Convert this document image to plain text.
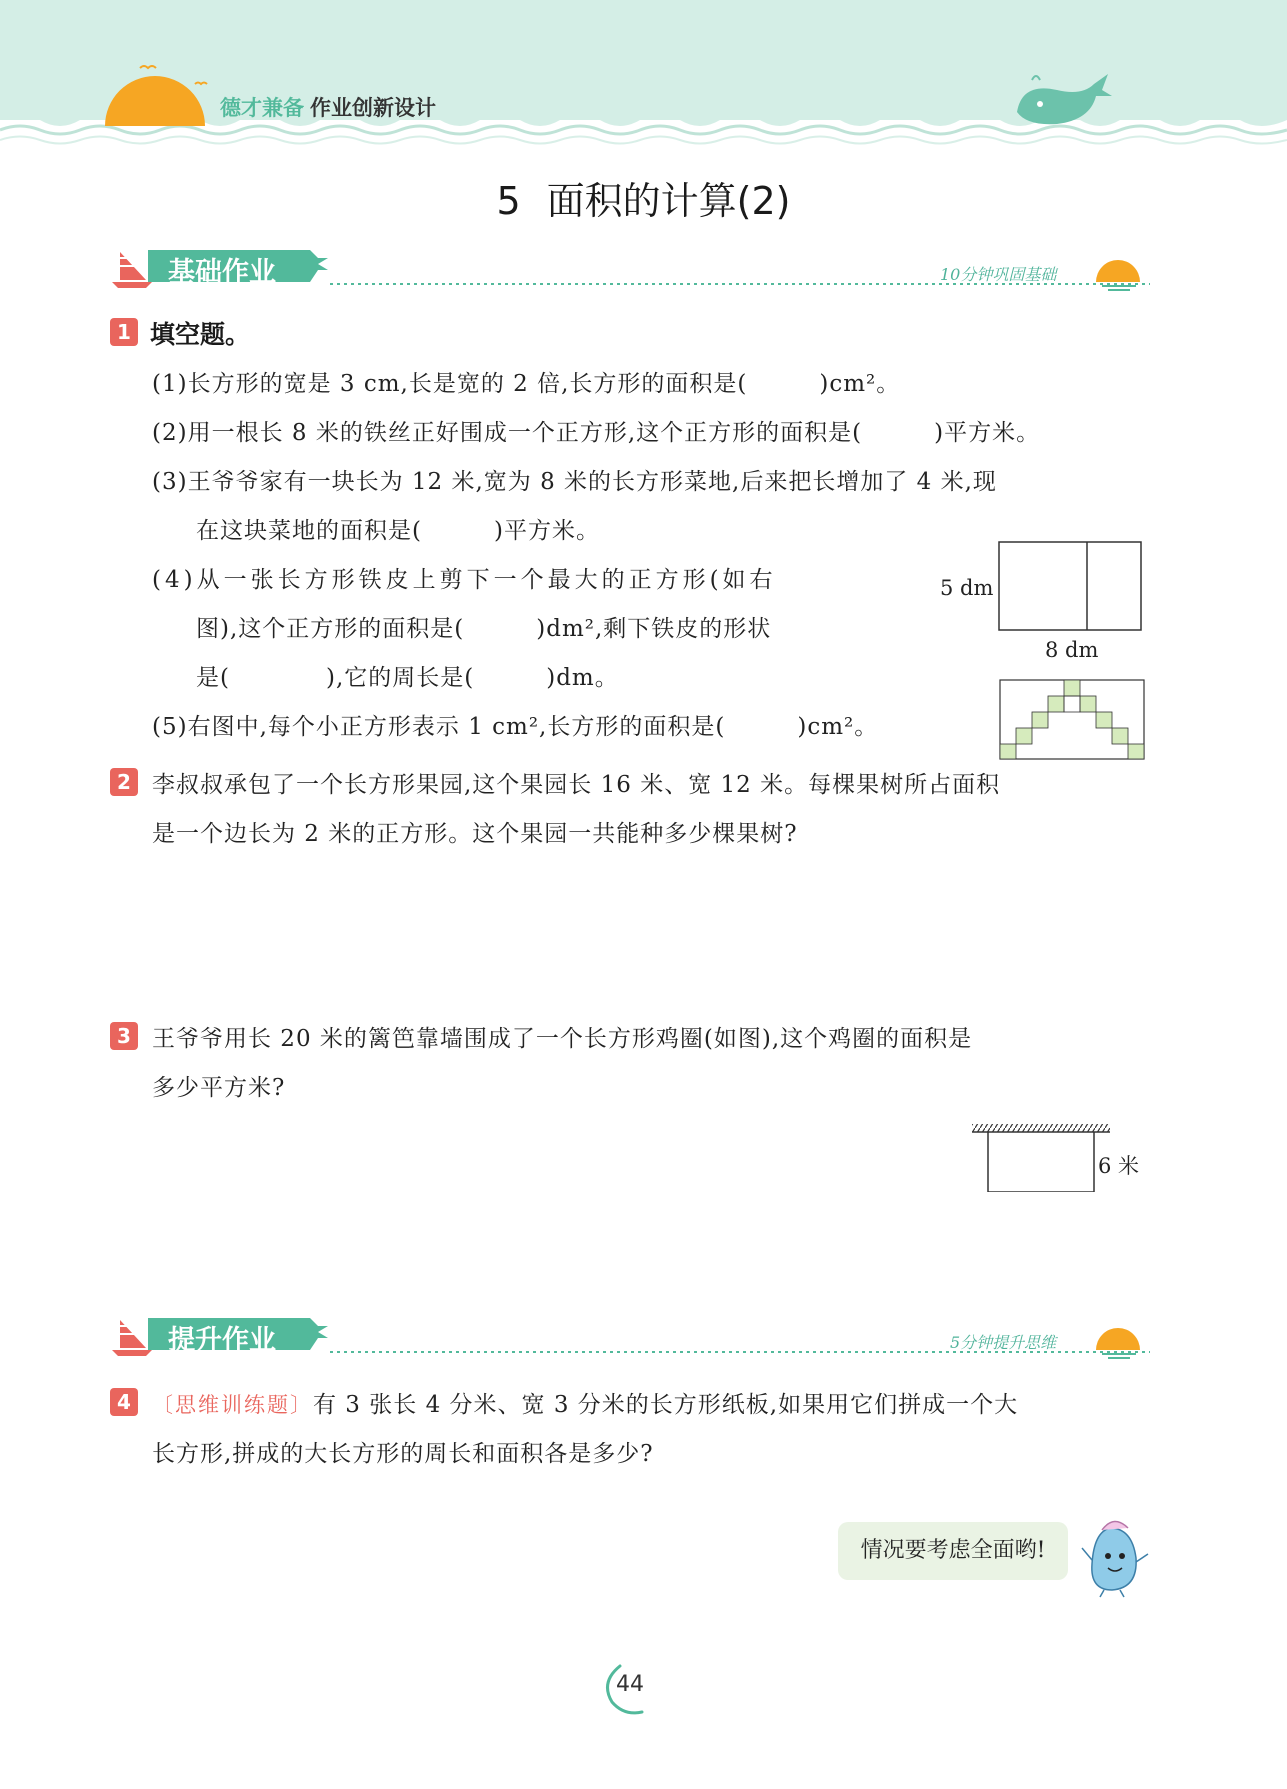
德才兼备 作业创新设计
5 面积的计算(2)
基础作业	10分钟巩固基础
1 填空题。
(1)长方形的宽是 3 cm,长是宽的 2 倍,长方形的面积是(　　　)cm²。
(2)用一根长 8 米的铁丝正好围成一个正方形,这个正方形的面积是(　　　)平方米。
(3)王爷爷家有一块长为 12 米,宽为 8 米的长方形菜地,后来把长增加了 4 米,现
在这块菜地的面积是(　　　)平方米。
(4)从一张长方形铁皮上剪下一个最大的正方形(如右
图),这个正方形的面积是(　　　)dm²,剩下铁皮的形状
是(　　　　),它的周长是(　　　)dm。
(5)右图中,每个小正方形表示 1 cm²,长方形的面积是(　　　)cm²。
5 dm
8 dm
2 李叔叔承包了一个长方形果园,这个果园长 16 米、宽 12 米。每棵果树所占面积
是一个边长为 2 米的正方形。这个果园一共能种多少棵果树?
3 王爷爷用长 20 米的篱笆靠墙围成了一个长方形鸡圈(如图),这个鸡圈的面积是
多少平方米?
6 米
提升作业	5分钟提升思维
4	〔思维训练题〕有 3 张长 4 分米、宽 3 分米的长方形纸板,如果用它们拼成一个大
长方形,拼成的大长方形的周长和面积各是多少?
情况要考虑全面哟!
44
